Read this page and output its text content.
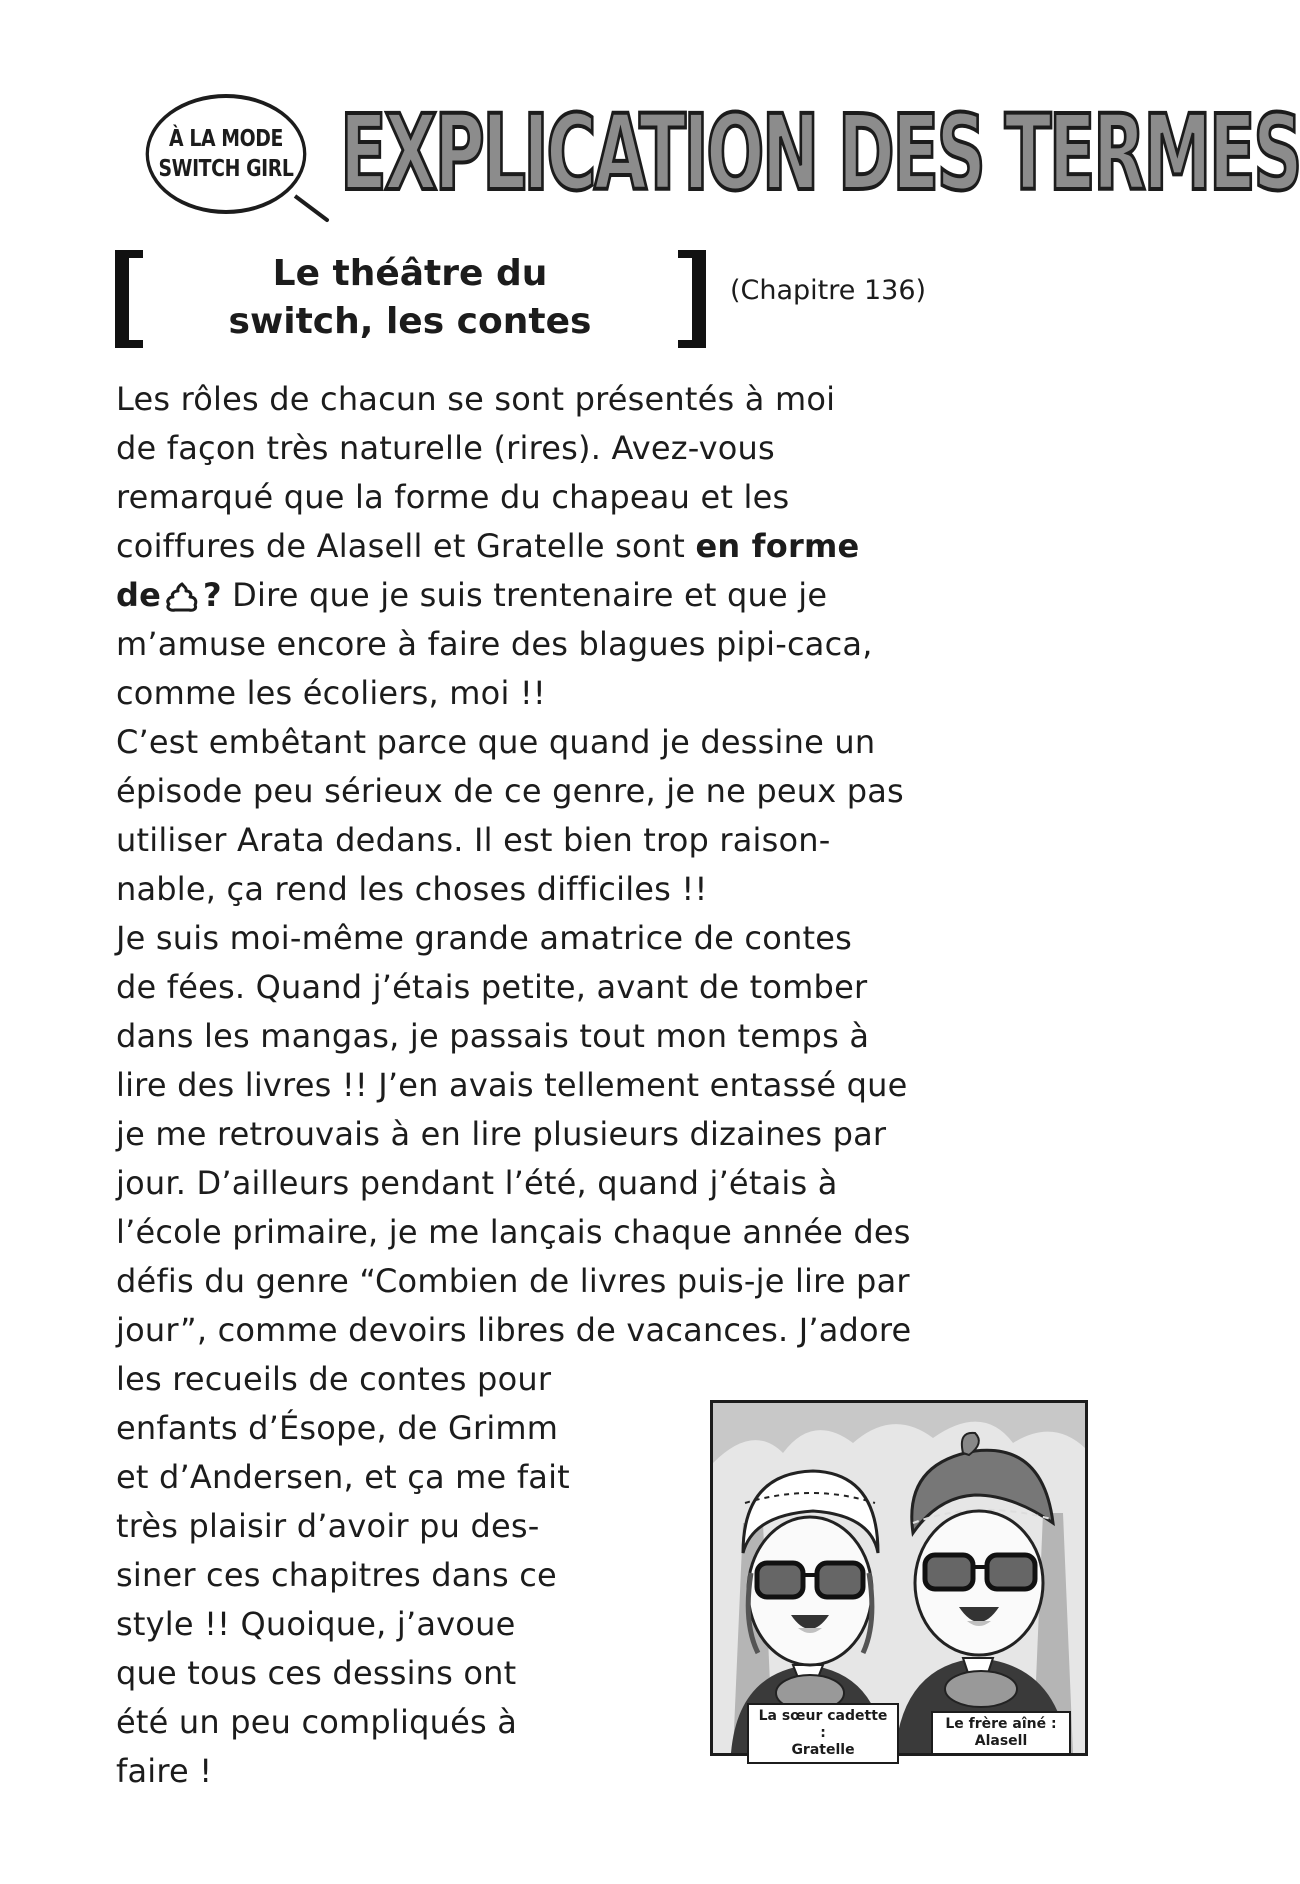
À LA MODE
SWITCH GIRL EXPLICATION DES TERMES
Le théâtre du
switch, les contes
(Chapitre 136)
Les rôles de chacun se sont présentés à moi
de façon très naturelle (rires). Avez-vous
remarqué que la forme du chapeau et les
coiffures de Alasell et Gratelle sont en forme
de ? Dire que je suis trentenaire et que je
m’amuse encore à faire des blagues pipi-caca,
comme les écoliers, moi !!
C’est embêtant parce que quand je dessine un
épisode peu sérieux de ce genre, je ne peux pas
utiliser Arata dedans. Il est bien trop raison-
nable, ça rend les choses difficiles !!
Je suis moi-même grande amatrice de contes
de fées. Quand j’étais petite, avant de tomber
dans les mangas, je passais tout mon temps à
lire des livres !! J’en avais tellement entassé que
je me retrouvais à en lire plusieurs dizaines par
jour. D’ailleurs pendant l’été, quand j’étais à
l’école primaire, je me lançais chaque année des
défis du genre “Combien de livres puis-je lire par
jour”, comme devoirs libres de vacances. J’adore
les recueils de contes pour
enfants d’Ésope, de Grimm
et d’Andersen, et ça me fait
très plaisir d’avoir pu des-
siner ces chapitres dans ce
style !! Quoique, j’avoue
que tous ces dessins ont
été un peu compliqués à
faire !
La sœur cadette :
Gratelle
Le frère aîné :
Alasell
